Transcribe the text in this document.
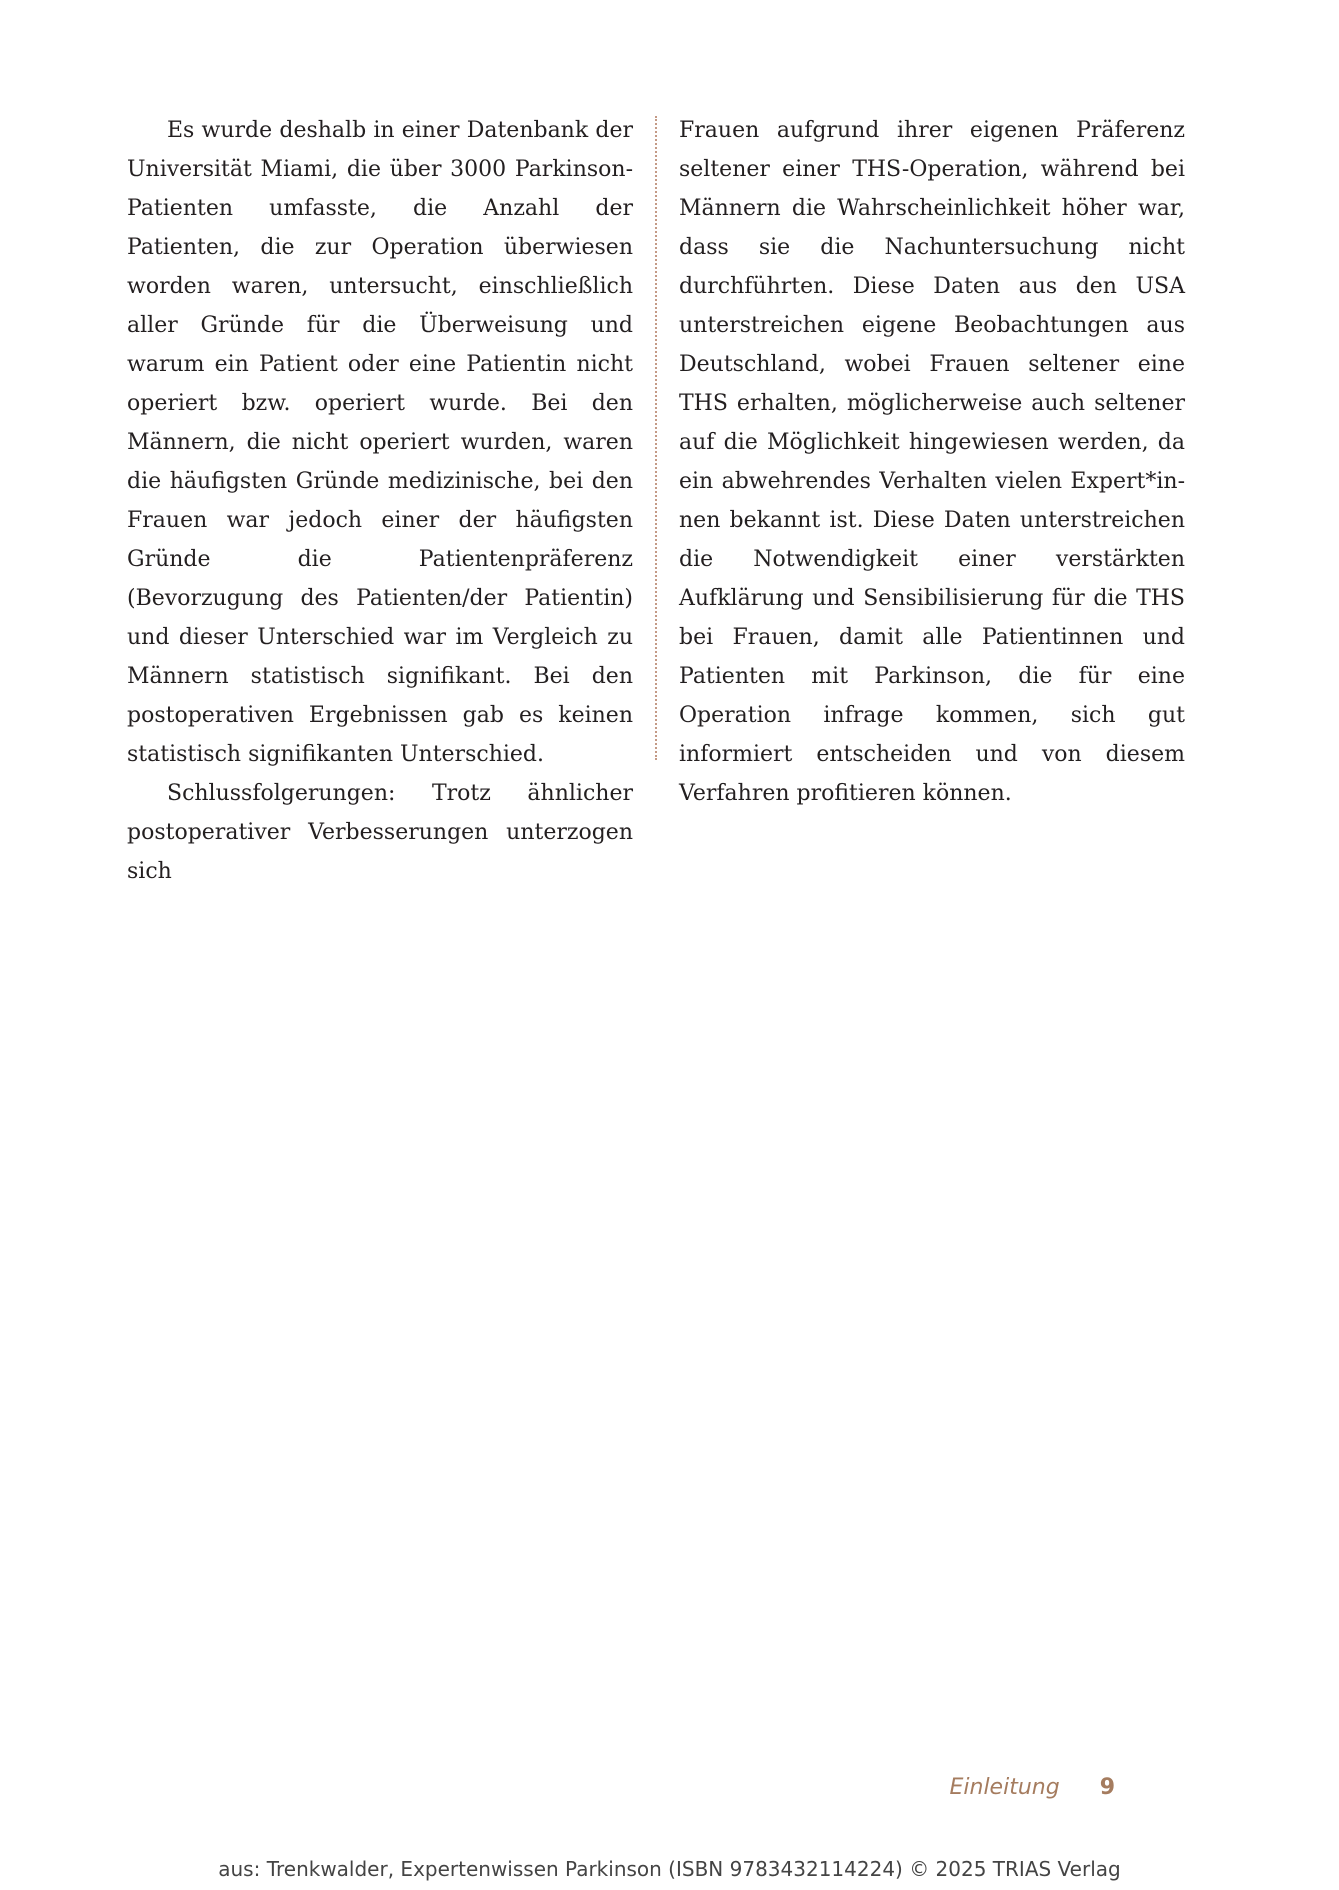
Es wurde deshalb in einer Datenbank der Universität Miami, die über 3000 Parkinson-Patienten umfasste, die Anzahl der Patienten, die zur Operation überwiesen worden waren, untersucht, einschließlich aller Gründe für die Überweisung und warum ein Patient oder eine Patientin nicht operiert bzw. operiert wurde. Bei den Männern, die nicht operiert wurden, waren die häufigsten Gründe medizinische, bei den Frauen war jedoch einer der häufigsten Gründe die Patientenpräferenz (Bevorzugung des Patienten/der Patientin) und dieser Unterschied war im Vergleich zu Männern statistisch signifikant. Bei den postoperativen Ergebnissen gab es keinen statistisch signifikanten Unterschied.

Schlussfolgerungen: Trotz ähnlicher postoperativer Verbesserungen unterzogen sich

Frauen aufgrund ihrer eigenen Präferenz seltener einer THS-Operation, während bei Männern die Wahrscheinlichkeit höher war, dass sie die Nachuntersuchung nicht durchführten. Diese Daten aus den USA unterstreichen eigene Beobachtungen aus Deutschland, wobei Frauen seltener eine THS erhalten, möglicherweise auch seltener auf die Möglichkeit hingewiesen werden, da ein abwehrendes Verhalten vielen Expert*innen bekannt ist. Diese Daten unterstreichen die Notwendigkeit einer verstärkten Aufklärung und Sensibilisierung für die THS bei Frauen, damit alle Patientinnen und Patienten mit Parkinson, die für eine Operation infrage kommen, sich gut informiert entscheiden und von diesem Verfahren profitieren können.

Einleitung 9
aus: Trenkwalder, Expertenwissen Parkinson (ISBN 9783432114224) © 2025 TRIAS Verlag
